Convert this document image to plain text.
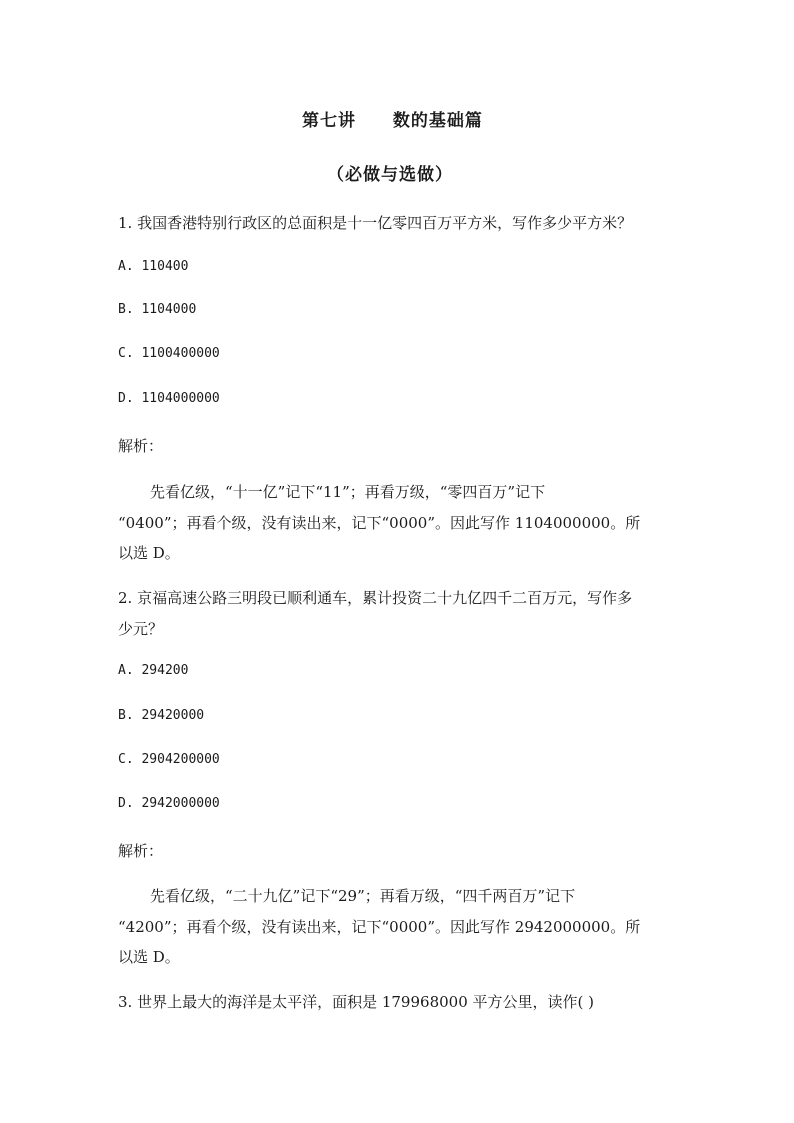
第七讲 数的基础篇
（必做与选做）
1. 我国香港特别行政区的总面积是十一亿零四百万平方米，写作多少平方米？
A. 110400
B. 1104000
C. 1100400000
D. 1104000000
解析：
先看亿级，“十一亿”记下“11”；再看万级，“零四百万”记下
“0400”；再看个级，没有读出来，记下“0000”。因此写作 1104000000。所
以选 D。
2. 京福高速公路三明段已顺利通车，累计投资二十九亿四千二百万元，写作多
少元？
A. 294200
B. 29420000
C. 2904200000
D. 2942000000
解析：
先看亿级，“二十九亿”记下“29”；再看万级，“四千两百万”记下
“4200”；再看个级，没有读出来，记下“0000”。因此写作 2942000000。所
以选 D。
3. 世界上最大的海洋是太平洋，面积是 179968000 平方公里，读作( )
